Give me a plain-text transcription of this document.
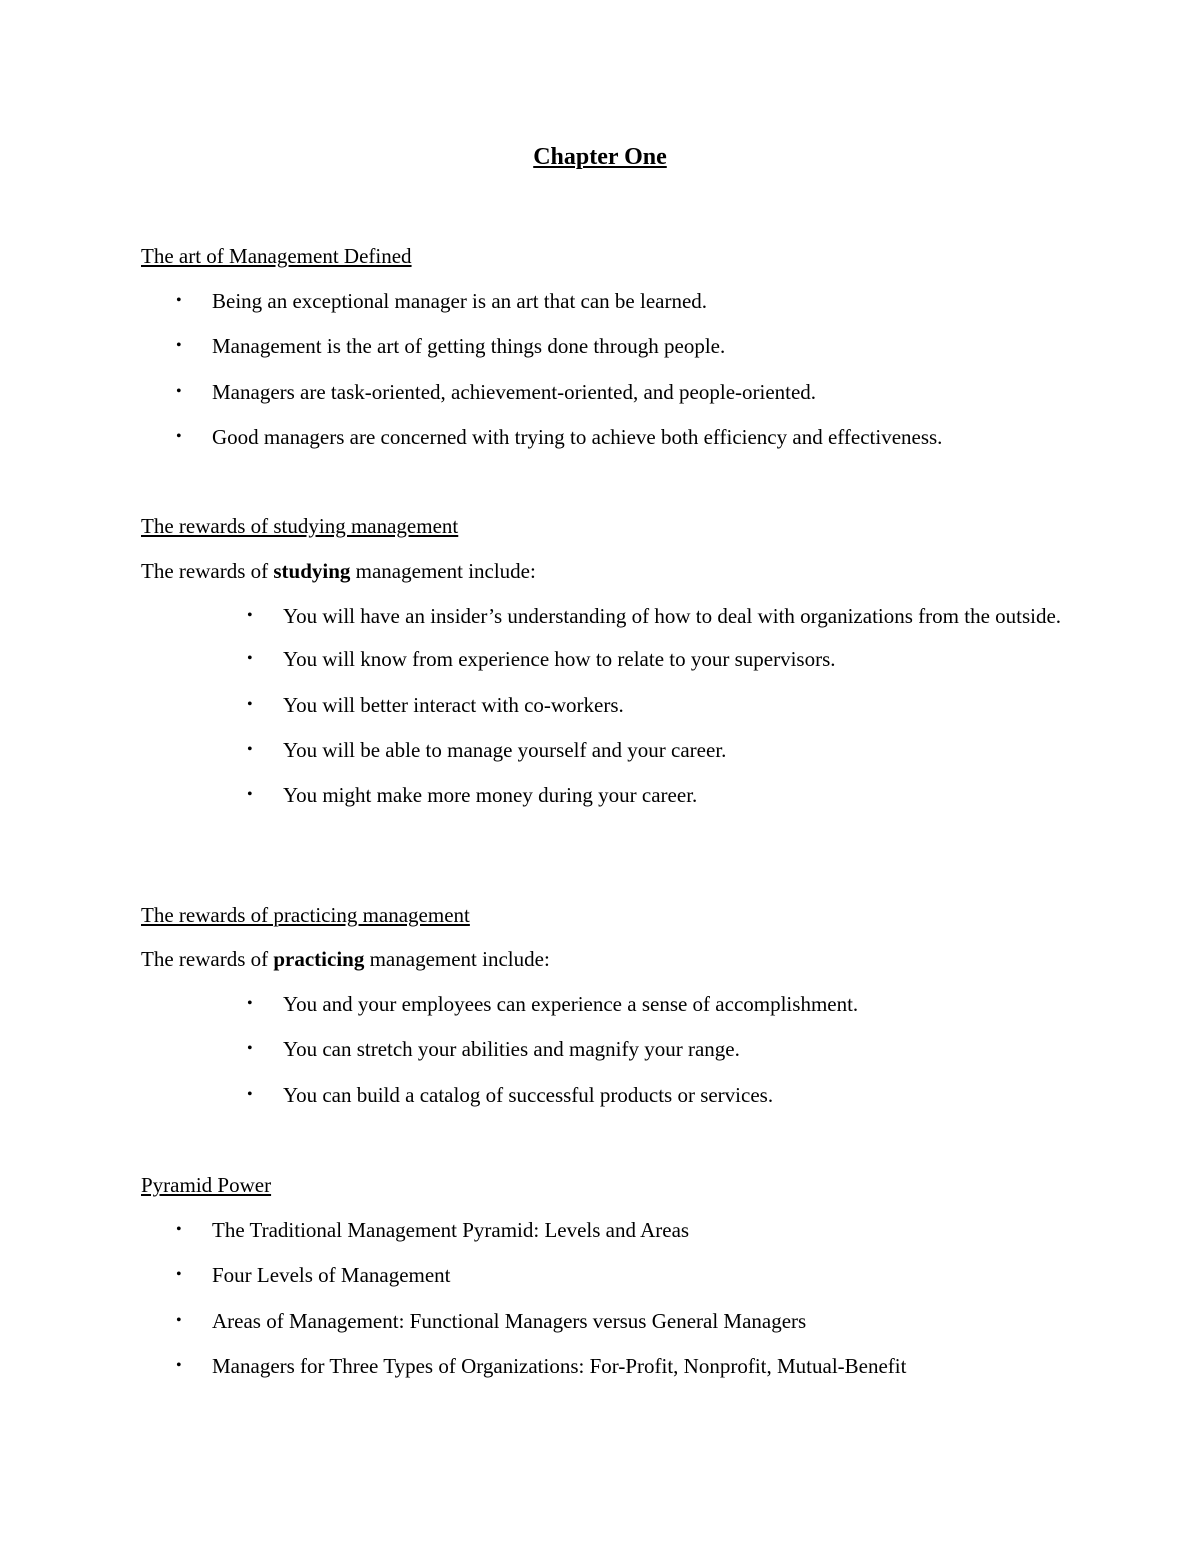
Chapter One
The art of Management Defined
•	Being an exceptional manager is an art that can be learned.
•	Management is the art of getting things done through people.
•	Managers are task-oriented, achievement-oriented, and people-oriented.
•	Good managers are concerned with trying to achieve both efficiency and effectiveness.
The rewards of studying management

The rewards of studying management include:

•	You will have an insider’s understanding of how to deal with organizations from the outside.
•	You will know from experience how to relate to your supervisors.
•	You will better interact with co-workers.
•	You will be able to manage yourself and your career.
•	You might make more money during your career.
The rewards of practicing management

The rewards of practicing management include:

•	You and your employees can experience a sense of accomplishment.
•	You can stretch your abilities and magnify your range.
•	You can build a catalog of successful products or services.
Pyramid Power
•	The Traditional Management Pyramid: Levels and Areas
•	Four Levels of Management
•	Areas of Management: Functional Managers versus General Managers
•	Managers for Three Types of Organizations: For-Profit, Nonprofit, Mutual-Benefit
